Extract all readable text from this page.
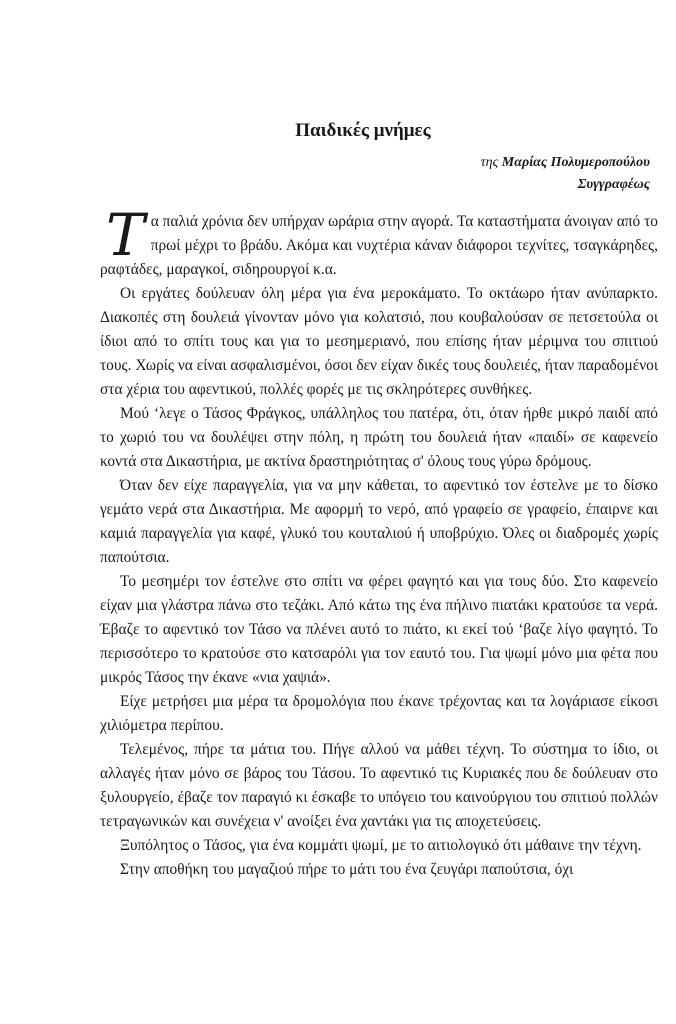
Παιδικές μνήμες
της Μαρίας Πολυμεροπούλου
Συγγραφέως

Τα παλιά χρόνια δεν υπήρχαν ωράρια στην αγορά. Τα καταστήματα άνοιγαν από το πρωί μέχρι το βράδυ. Ακόμα και νυχτέρια κάναν διάφοροι τεχνίτες, τσαγκάρηδες, ραφτάδες, μαραγκοί, σιδηρουργοί κ.α.

Οι εργάτες δούλευαν όλη μέρα για ένα μεροκάματο. Το οκτάωρο ήταν ανύπαρκτο. Διακοπές στη δουλειά γίνονταν μόνο για κολατσιό, που κουβαλούσαν σε πετσετούλα οι ίδιοι από το σπίτι τους και για το μεσημεριανό, που επίσης ήταν μέριμνα του σπιτιού τους. Χωρίς να είναι ασφαλισμένοι, όσοι δεν είχαν δικές τους δουλειές, ήταν παραδομένοι στα χέρια του αφεντικού, πολλές φορές με τις σκληρότερες συνθήκες.

Μού ‘λεγε ο Τάσος Φράγκος, υπάλληλος του πατέρα, ότι, όταν ήρθε μικρό παιδί από το χωριό του να δουλέψει στην πόλη, η πρώτη του δουλειά ήταν «παιδί» σε καφενείο κοντά στα Δικαστήρια, με ακτίνα δραστηριότητας σ' όλους τους γύρω δρόμους.

Όταν δεν είχε παραγγελία, για να μην κάθεται, το αφεντικό τον έστελνε με το δίσκο γεμάτο νερά στα Δικαστήρια. Με αφορμή το νερό, από γραφείο σε γραφείο, έπαιρνε και καμιά παραγγελία για καφέ, γλυκό του κουταλιού ή υποβρύχιο. Όλες οι διαδρομές χωρίς παπούτσια.

Το μεσημέρι τον έστελνε στο σπίτι να φέρει φαγητό και για τους δύο. Στο καφενείο είχαν μια γλάστρα πάνω στο τεζάκι. Από κάτω της ένα πήλινο πιατάκι κρατούσε τα νερά. Έβαζε το αφεντικό τον Τάσο να πλένει αυτό το πιάτο, κι εκεί τού ‘βαζε λίγο φαγητό. Το περισσότερο το κρατούσε στο κατσαρόλι για τον εαυτό του. Για ψωμί μόνο μια φέτα που μικρός Τάσος την έκανε «νια χαψιά».

Είχε μετρήσει μια μέρα τα δρομολόγια που έκανε τρέχοντας και τα λογάριασε είκοσι χιλιόμετρα περίπου.

Τελεμένος, πήρε τα μάτια του. Πήγε αλλού να μάθει τέχνη. Το σύστημα το ίδιο, οι αλλαγές ήταν μόνο σε βάρος του Τάσου. Το αφεντικό τις Κυριακές που δε δούλευαν στο ξυλουργείο, έβαζε τον παραγιό κι έσκαβε το υπόγειο του καινούργιου του σπιτιού πολλών τετραγωνικών και συνέχεια ν' ανοίξει ένα χαντάκι για τις αποχετεύσεις.

Ξυπόλητος ο Τάσος, για ένα κομμάτι ψωμί, με το αιτιολογικό ότι μάθαινε την τέχνη.

Στην αποθήκη του μαγαζιού πήρε το μάτι του ένα ζευγάρι παπούτσια, όχι
